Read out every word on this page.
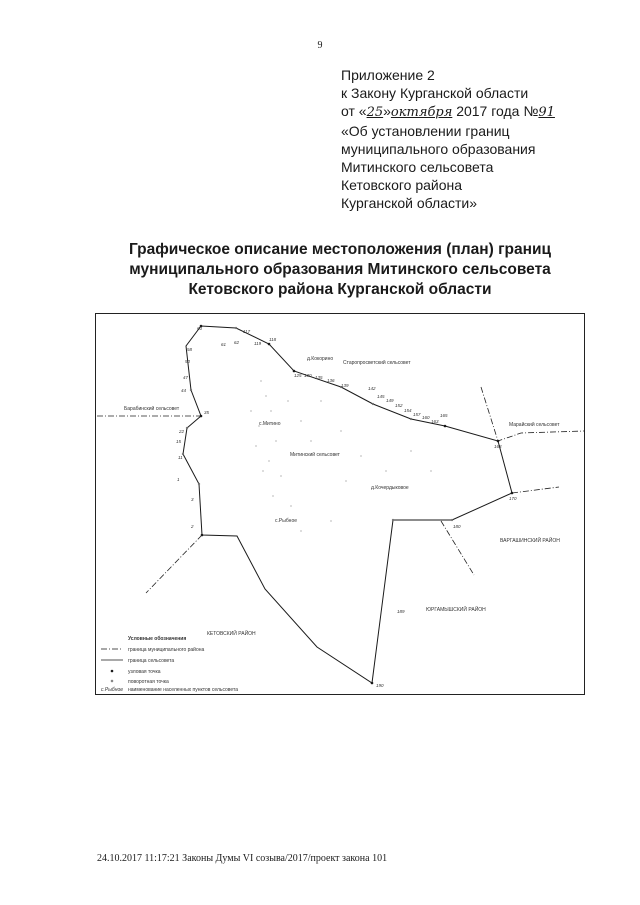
9
Приложение 2
к Закону Курганской области
от «25»октября 2017 года №91
«Об установлении границ
муниципального образования
Митинского сельсовета
Кетовского района
Курганской области»
Графическое описание местоположения (план) границ
муниципального образования Митинского сельсовета
Кетовского района Курганской области
Митинский сельсовет
Барабинский сельсовет
Старопросветский сельсовет
Марайский сельсовет
ВАРГАШИНСКИЙ РАЙОН
ЮРГАМЫШСКИЙ РАЙОН
КЕТОВСКИЙ РАЙОН
д.Кокорино
с.Митино
д.Кочердыковое
с.Рыбное
1
2
3
11
15
22
35
44
47
50
58
60
61 62
117
118
119
125 130 135
136
139
142
145
149
152
154
157
160
163
165
168
170
180
189
190
Условные обозначения
граница муниципального района
граница сельсовета
узловая точка
поворотная точка
с.Рыбное наименование населенных пунктов сельсовета
24.10.2017 11:17:21 Законы Думы VI созыва/2017/проект закона 101
